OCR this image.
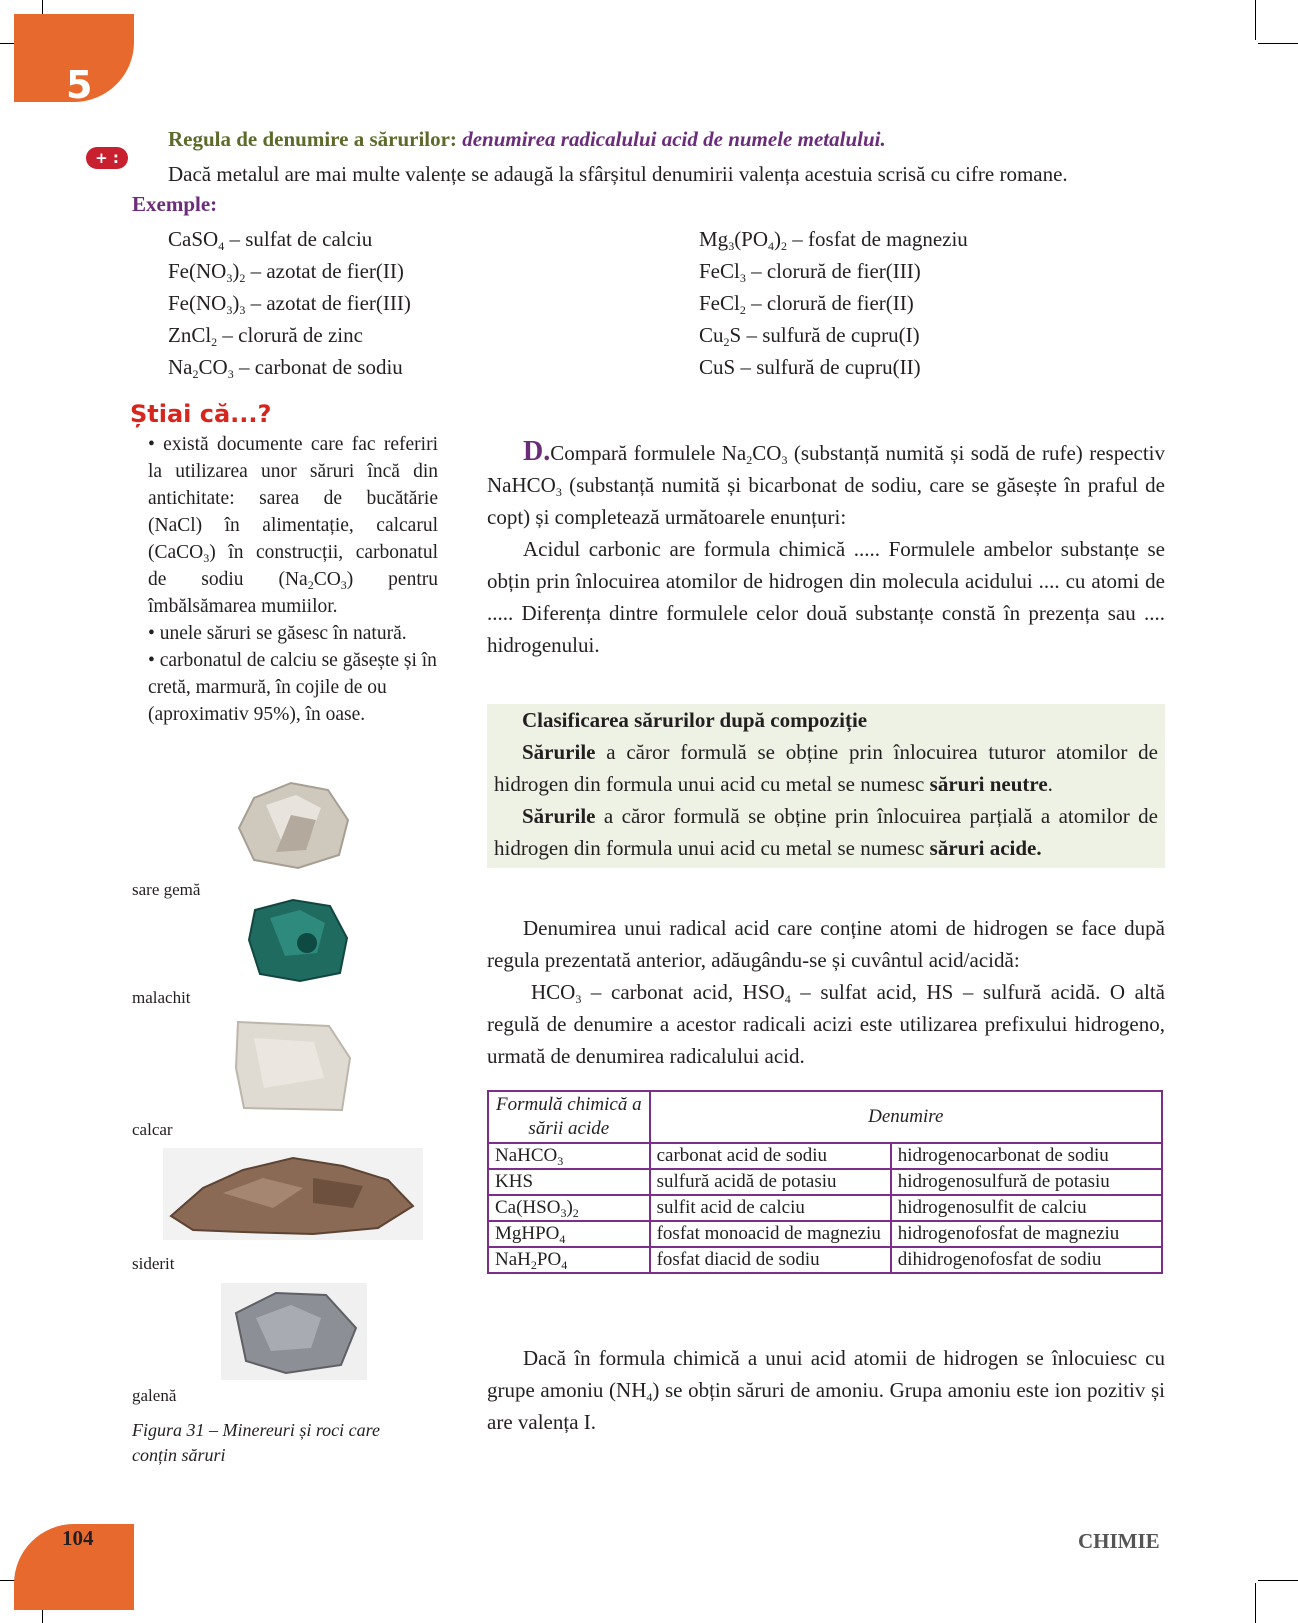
5
+ :
Regula de denumire a sărurilor: denumirea radicalului acid de numele metalului.
Dacă metalul are mai multe valențe se adaugă la sfârșitul denumirii valența acestuia scrisă cu cifre romane.
Exemple:
CaSO$_4$ – sulfat de calciu
$Fe(NO_3)_2$ – azotat de fier(II)
$Fe(NO_3)_3$ – azotat de fier(III)
ZnCl$_2$ – clorură de zinc
$Na_2CO_3$ – carbonat de sodiu
$Mg_3(PO_4)_2$ – fosfat de magneziu
FeCl$_3$ – clorură de fier(III)
FeCl$_2$ – clorură de fier(II)
$Cu_2S$ – sulfură de cupru(I)
CuS – sulfură de cupru(II)
Știai că...?
• există documente care fac referiri la utilizarea unor săruri încă din antichitate: sarea de bucătărie (NaCl) în alimentație, calcarul (CaCO$_3$) în construcții, carbonatul de sodiu $(Na_2CO_3)$ pentru îmbălsămarea mumiilor.
• unele săruri se găsesc în natură.
• carbonatul de calciu se găsește și în cretă, marmură, în cojile de ou (aproximativ 95%), în oase.
sare gemă
malachit
calcar
siderit
galenă
Figura 31 – Minereuri și roci care conțin săruri
D.Compară formulele $Na_2CO_3$ (substanță numită și sodă de rufe) respectiv NaHCO$_3$ (substanță numită și bicarbonat de sodiu, care se găsește în praful de copt) și completează următoarele enunțuri:
Acidul carbonic are formula chimică ..... Formulele ambelor substanțe se obțin prin înlocuirea atomilor de hidrogen din molecula acidului .... cu atomi de ..... Diferența dintre formulele celor două substanțe constă în prezența sau .... hidrogenului.
Clasificarea sărurilor după compoziție
Sărurile a căror formulă se obține prin înlocuirea tuturor atomilor de hidrogen din formula unui acid cu metal se numesc săruri neutre.
Sărurile a căror formulă se obține prin înlocuirea parțială a atomilor de hidrogen din formula unui acid cu metal se numesc săruri acide.
Denumirea unui radical acid care conține atomi de hidrogen se face după regula prezentată anterior, adăugându-se și cuvântul acid/acidă:
$HCO_3$ – carbonat acid, $HSO_4$ – sulfat acid, HS – sulfură acidă. O altă regulă de denumire a acestor radicali acizi este utilizarea prefixului hidrogeno, urmată de denumirea radicalului acid.
Formulă chimică a sării acide	Denumire	
NaHCO$_3$	carbonat acid de sodiu	hidrogenocarbonat de sodiu
KHS	sulfură acidă de potasiu	hidrogenosulfură de potasiu
$Ca(HSO_3)_2$	sulfit acid de calciu	hidrogenosulfit de calciu
MgHPO$_4$	fosfat monoacid de magneziu	hidrogenofosfat de magneziu
$NaH_2PO_4$	fosfat diacid de sodiu	dihidrogenofosfat de sodiu
Dacă în formula chimică a unui acid atomii de hidrogen se înlocuiesc cu grupe amoniu $(NH_4)$ se obțin săruri de amoniu. Grupa amoniu este ion pozitiv și are valența I.
104	CHIMIE
